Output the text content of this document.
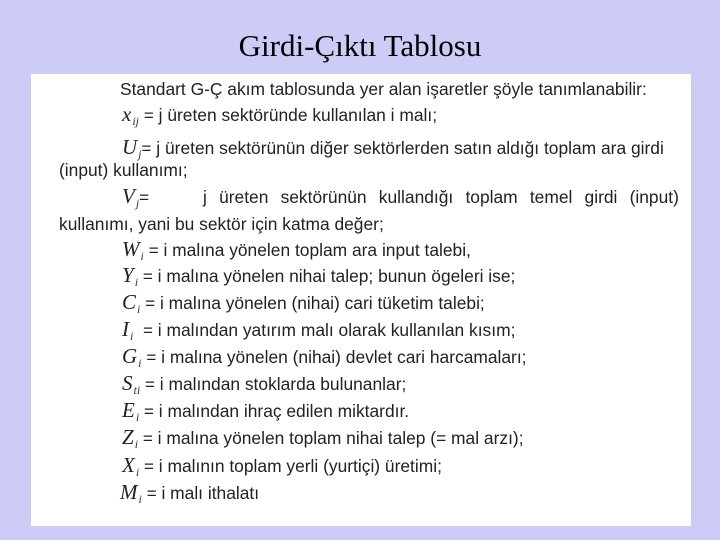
Girdi-Çıktı Tablosu
Standart G-Ç akım tablosunda yer alan işaretler şöyle tanımlanabilir:
$x_{ij} = j$ üreten sektöründe kullanılan i malı;
$U_j= j$ üreten sektörünün diğer sektörlerden satın aldığı toplam ara girdi
(input) kullanımı;
$V_j=$	j üreten sektörünün kullandığı toplam temel girdi (input)
kullanımı, yani bu sektör için katma değer;
$W_i = i$ malına yönelen toplam ara input talebi,
$Y_i = i$ malına yönelen nihai talep; bunun ögeleri ise;
$C_i = i$ malına yönelen (nihai) cari tüketim talebi;
$I_i = i$ malından yatırım malı olarak kullanılan kısım;
$G_i = i$ malına yönelen (nihai) devlet cari harcamaları;
$S_{ti} = i$ malından stoklarda bulunanlar;
$E_i = i$ malından ihraç edilen miktardır.
$Z_i = i$ malına yönelen toplam nihai talep (= mal arzı);
$X_i = i$ malının toplam yerli (yurtiçi) üretimi;
$M_i = i$ malı ithalatı
